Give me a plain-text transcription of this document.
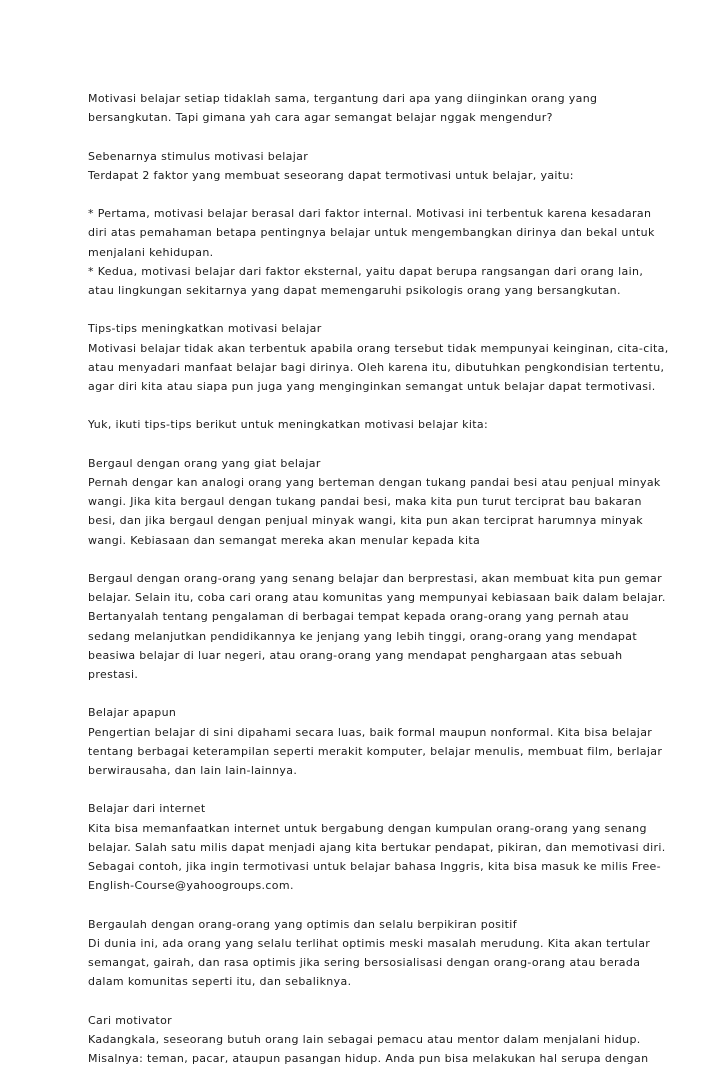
Motivasi belajar setiap tidaklah sama, tergantung dari apa yang diinginkan orang yang
bersangkutan. Tapi gimana yah cara agar semangat belajar nggak mengendur?
Sebenarnya stimulus motivasi belajar
Terdapat 2 faktor yang membuat seseorang dapat termotivasi untuk belajar, yaitu:
* Pertama, motivasi belajar berasal dari faktor internal. Motivasi ini terbentuk karena kesadaran
diri atas pemahaman betapa pentingnya belajar untuk mengembangkan dirinya dan bekal untuk
menjalani kehidupan.
* Kedua, motivasi belajar dari faktor eksternal, yaitu dapat berupa rangsangan dari orang lain,
atau lingkungan sekitarnya yang dapat memengaruhi psikologis orang yang bersangkutan.
Tips-tips meningkatkan motivasi belajar
Motivasi belajar tidak akan terbentuk apabila orang tersebut tidak mempunyai keinginan, cita-cita,
atau menyadari manfaat belajar bagi dirinya. Oleh karena itu, dibutuhkan pengkondisian tertentu,
agar diri kita atau siapa pun juga yang menginginkan semangat untuk belajar dapat termotivasi.
Yuk, ikuti tips-tips berikut untuk meningkatkan motivasi belajar kita:
Bergaul dengan orang yang giat belajar
Pernah dengar kan analogi orang yang berteman dengan tukang pandai besi atau penjual minyak
wangi. Jika kita bergaul dengan tukang pandai besi, maka kita pun turut terciprat bau bakaran
besi, dan jika bergaul dengan penjual minyak wangi, kita pun akan terciprat harumnya minyak
wangi. Kebiasaan dan semangat mereka akan menular kepada kita
Bergaul dengan orang-orang yang senang belajar dan berprestasi, akan membuat kita pun gemar
belajar. Selain itu, coba cari orang atau komunitas yang mempunyai kebiasaan baik dalam belajar.
Bertanyalah tentang pengalaman di berbagai tempat kepada orang-orang yang pernah atau
sedang melanjutkan pendidikannya ke jenjang yang lebih tinggi, orang-orang yang mendapat
beasiwa belajar di luar negeri, atau orang-orang yang mendapat penghargaan atas sebuah
prestasi.
Belajar apapun
Pengertian belajar di sini dipahami secara luas, baik formal maupun nonformal. Kita bisa belajar
tentang berbagai keterampilan seperti merakit komputer, belajar menulis, membuat film, berlajar
berwirausaha, dan lain lain-lainnya.
Belajar dari internet
Kita bisa memanfaatkan internet untuk bergabung dengan kumpulan orang-orang yang senang
belajar. Salah satu milis dapat menjadi ajang kita bertukar pendapat, pikiran, dan memotivasi diri.
Sebagai contoh, jika ingin termotivasi untuk belajar bahasa Inggris, kita bisa masuk ke milis Free-
English-Course@yahoogroups.com.
Bergaulah dengan orang-orang yang optimis dan selalu berpikiran positif
Di dunia ini, ada orang yang selalu terlihat optimis meski masalah merudung. Kita akan tertular
semangat, gairah, dan rasa optimis jika sering bersosialisasi dengan orang-orang atau berada
dalam komunitas seperti itu, dan sebaliknya.
Cari motivator
Kadangkala, seseorang butuh orang lain sebagai pemacu atau mentor dalam menjalani hidup.
Misalnya: teman, pacar, ataupun pasangan hidup. Anda pun bisa melakukan hal serupa dengan
